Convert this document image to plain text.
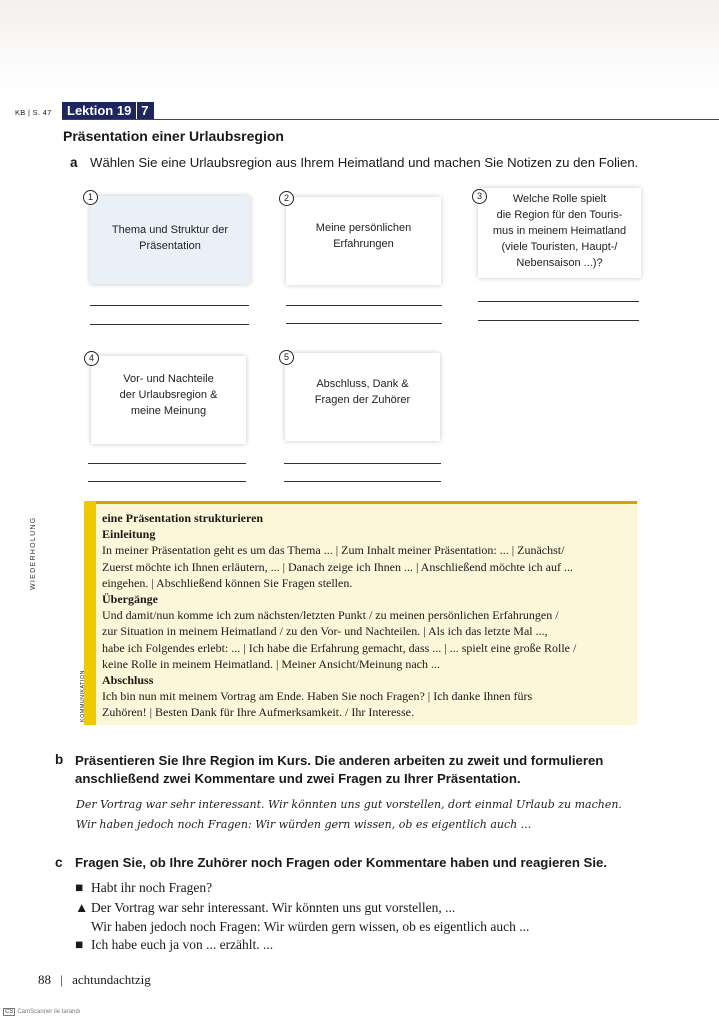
KB | S. 47 Lektion 19 7
Präsentation einer Urlaubsregion
a Wählen Sie eine Urlaubsregion aus Ihrem Heimatland und machen Sie Notizen zu den Folien.
Thema und Struktur der
Präsentation
1
Meine persönlichen
Erfahrungen
2	Welche Rolle spielt
die Region für den Touris-
mus in meinem Heimatland
(viele Touristen, Haupt-/
Nebensaison ...)?
3
Vor- und Nachteile
der Urlaubsregion &
meine Meinung
4
Abschluss, Dank &
Fragen der Zuhörer
5
WIEDERHOLUNG
KOMMUNIKATION
eine Präsentation strukturieren
Einleitung
In meiner Präsentation geht es um das Thema ... | Zum Inhalt meiner Präsentation: ... | Zunächst/
Zuerst möchte ich Ihnen erläutern, ... | Danach zeige ich Ihnen ... | Anschließend möchte ich auf ...
eingehen. | Abschließend können Sie Fragen stellen.
Übergänge
Und damit/nun komme ich zum nächsten/letzten Punkt / zu meinen persönlichen Erfahrungen /
zur Situation in meinem Heimatland / zu den Vor- und Nachteilen. | Als ich das letzte Mal ...,
habe ich Folgendes erlebt: ... | Ich habe die Erfahrung gemacht, dass ... | ... spielt eine große Rolle /
keine Rolle in meinem Heimatland. | Meiner Ansicht/Meinung nach ...
Abschluss
Ich bin nun mit meinem Vortrag am Ende. Haben Sie noch Fragen? | Ich danke Ihnen fürs
Zuhören! | Besten Dank für Ihre Aufmerksamkeit. / Ihr Interesse.
b Präsentieren Sie Ihre Region im Kurs. Die anderen arbeiten zu zweit und formulieren
anschließend zwei Kommentare und zwei Fragen zu Ihrer Präsentation.
Der Vortrag war sehr interessant. Wir könnten uns gut vorstellen, dort einmal Urlaub zu machen.
Wir haben jedoch noch Fragen: Wir würden gern wissen, ob es eigentlich auch ...
c Fragen Sie, ob Ihre Zuhörer noch Fragen oder Kommentare haben und reagieren Sie.
■ Habt ihr noch Fragen?
▲ Der Vortrag war sehr interessant. Wir könnten uns gut vorstellen, ...
Wir haben jedoch noch Fragen: Wir würden gern wissen, ob es eigentlich auch ...
■ Ich habe euch ja von ... erzählt. ...
88 | achtundachtzig
CS CamScanner ile tarandı
